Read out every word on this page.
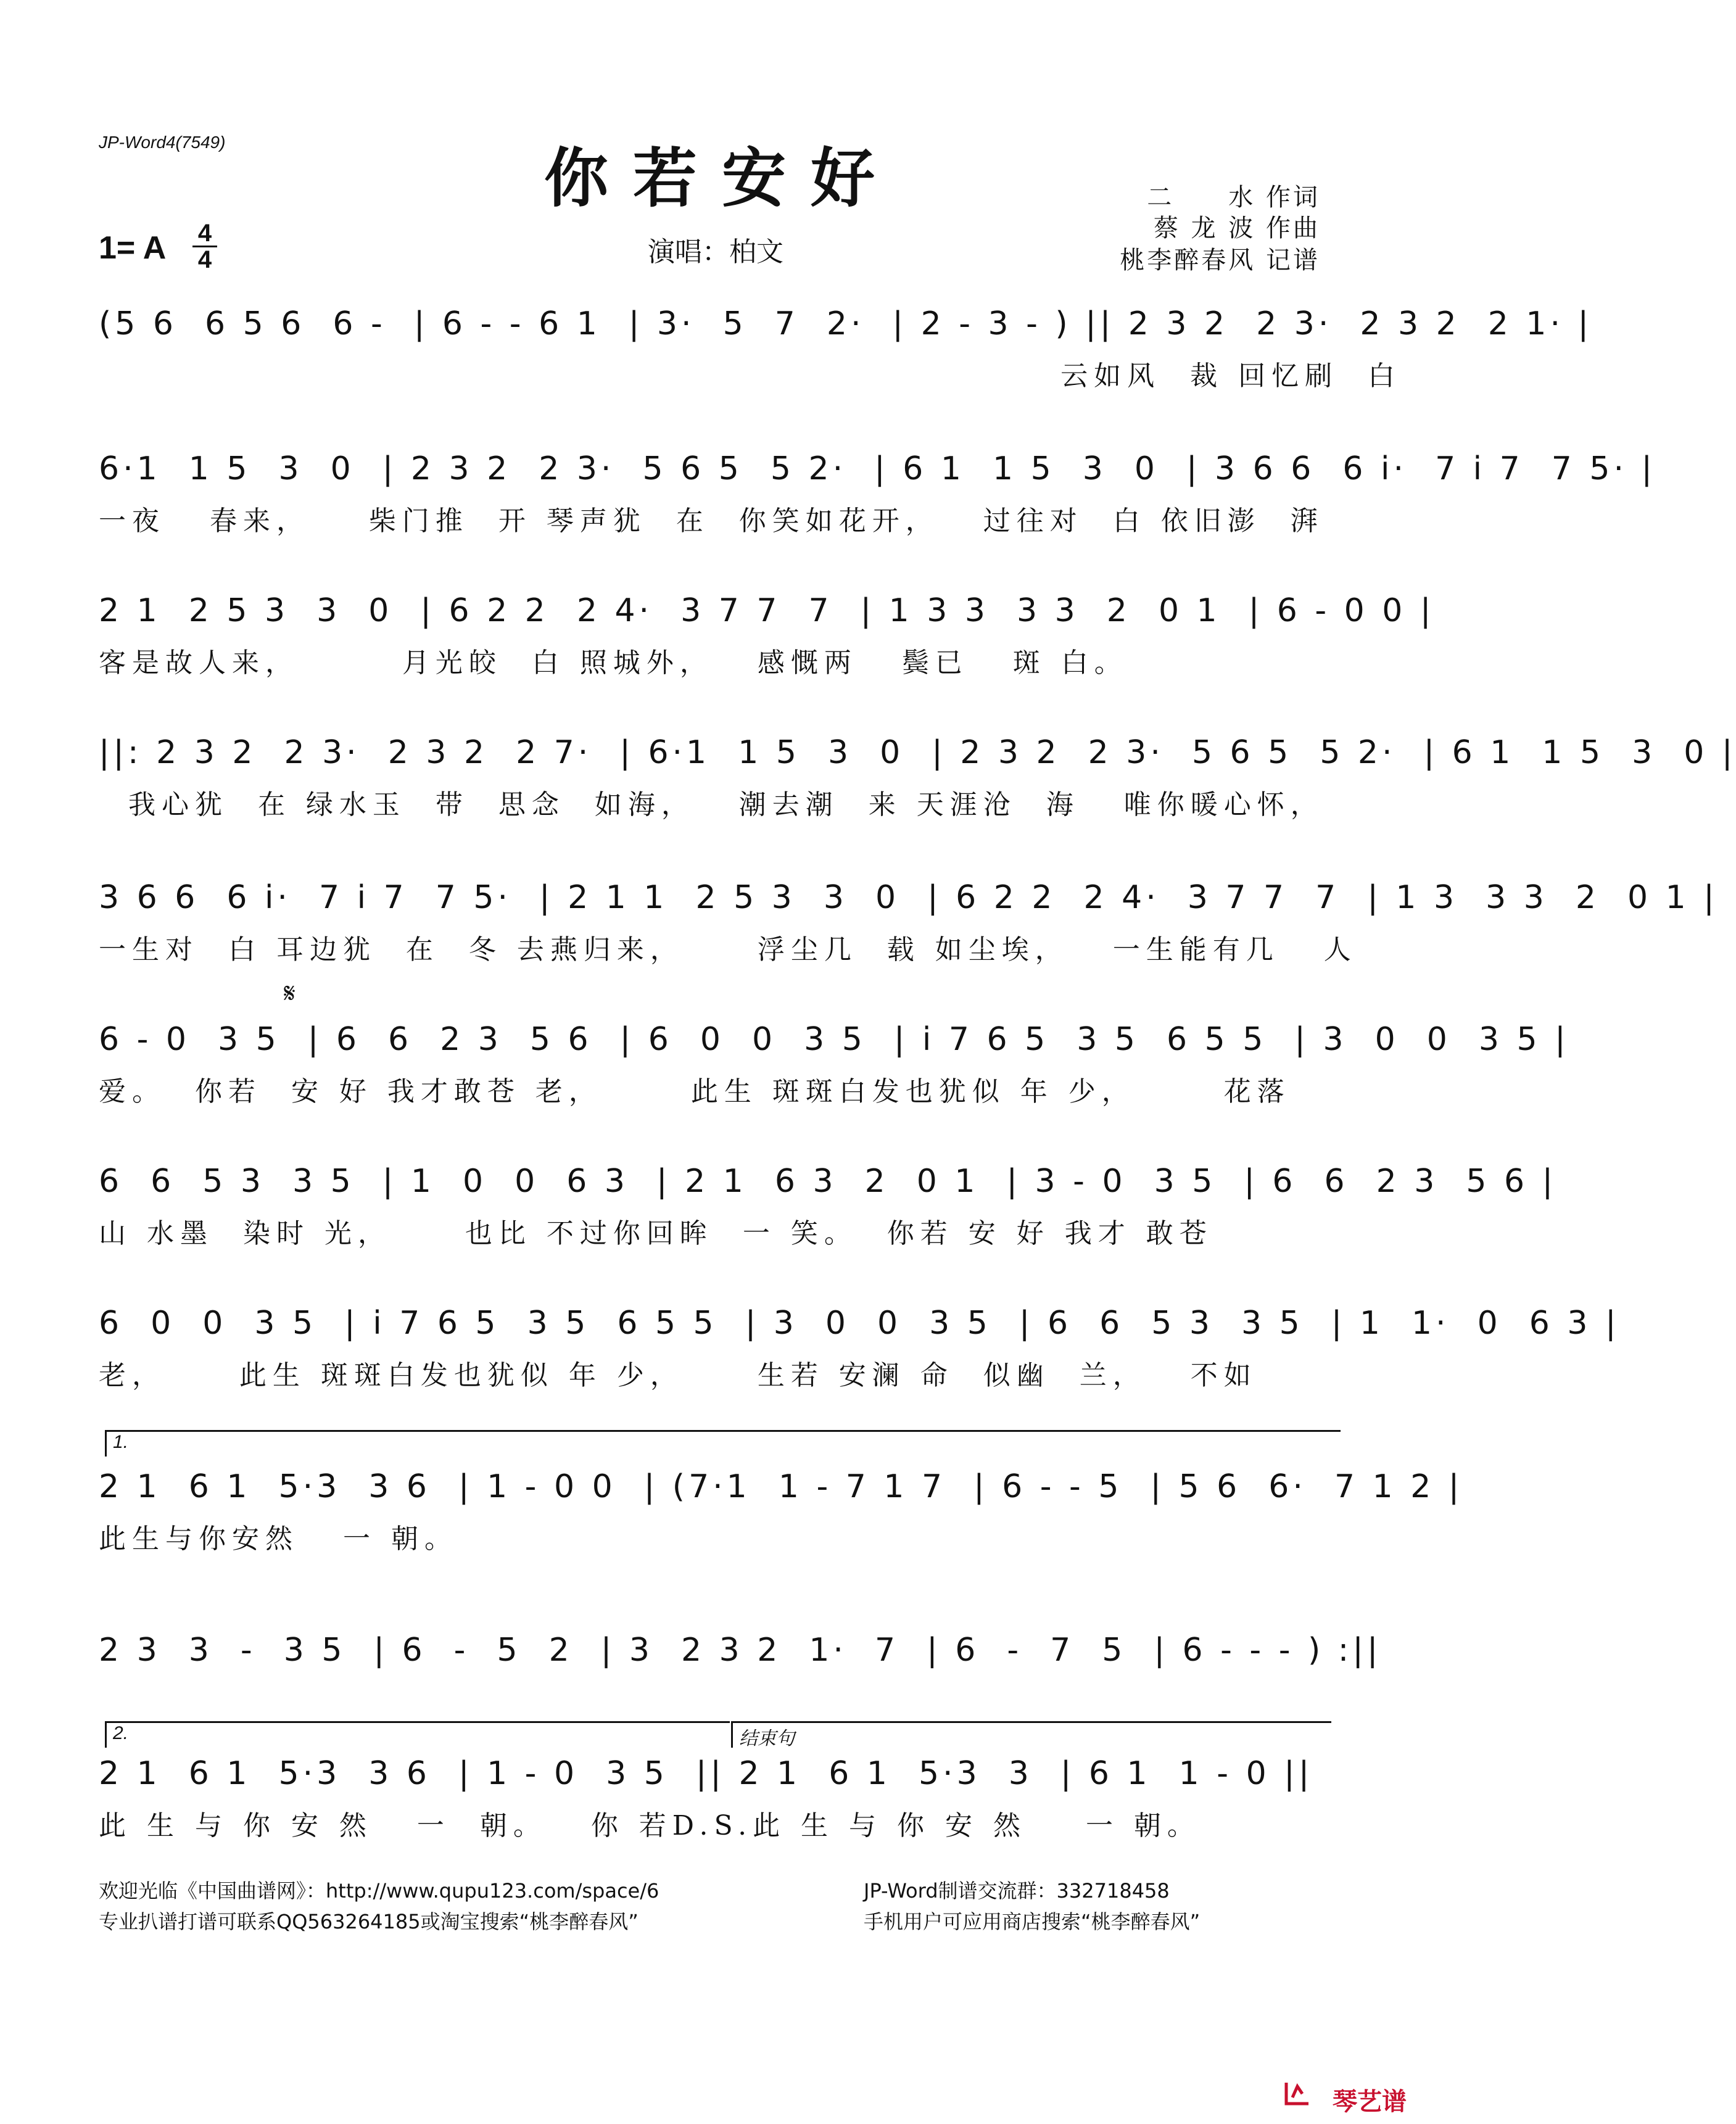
JP-Word4(7549)	你若安好
1= A 4
4	演唱：柏文
二　　水 作词
蔡 龙 波 作曲
桃李醉春风 记谱
(5 6  6 5 6  6 -  | 6 - - 6 1  | 3·  5  7  2·  | 2 - 3 - ) || 2 3 2  2 3·  2 3 2  2 1· |
云如风  裁 回忆刷  白
6·1  1 5  3  0  | 2 3 2  2 3·  5 6 5  5 2·  | 6 1  1 5  3  0  | 3 6 6  6 i·  7 i 7  7 5· |
一夜   春来，    柴门推  开 琴声犹  在  你笑如花开，   过往对  白 依旧澎  湃
2 1  2 5 3  3  0  | 6 2 2  2 4·  3 7 7  7  | 1 3 3  3 3  2  0 1  | 6 - 0 0 |
客是故人来，       月光皎  白 照城外，   感慨两   鬓已   斑 白。
||: 2 3 2  2 3·  2 3 2  2 7·  | 6·1  1 5  3  0  | 2 3 2  2 3·  5 6 5  5 2·  | 6 1  1 5  3  0 |
我心犹  在 绿水玉  带  思念  如海，   潮去潮  来 天涯沧  海   唯你暖心怀，
3 6 6  6 i·  7 i 7  7 5·  | 2 1 1  2 5 3  3  0  | 6 2 2  2 4·  3 7 7  7  | 1 3  3 3  2  0 1 |
一生对  白 耳边犹  在  冬 去燕归来，     浮尘几  载 如尘埃，   一生能有几   人
𝄋
6 - 0  3 5  | 6  6  2 3  5 6  | 6  0  0  3 5  | i 7 6 5  3 5  6 5 5  | 3  0  0  3 5 |
爱。  你若  安 好 我才敢苍 老，      此生 斑斑白发也犹似 年 少，      花落
6  6  5 3  3 5  | 1  0  0  6 3  | 2 1  6 3  2  0 1  | 3 - 0  3 5  | 6  6  2 3  5 6 |
山 水墨  染时 光，     也比 不过你回眸  一 笑。  你若 安 好 我才 敢苍
6  0  0  3 5  | i 7 6 5  3 5  6 5 5  | 3  0  0  3 5  | 6  6  5 3  3 5  | 1  1·  0  6 3 |
老，     此生 斑斑白发也犹似 年 少，     生若 安澜 命  似幽  兰，   不如
1.
2 1  6 1  5·3  3 6  | 1 - 0 0  | (7·1  1 - 7 1 7  | 6 - - 5  | 5 6  6·  7 1 2 |
此生与你安然   一 朝。
2 3  3  -  3 5  | 6  -  5  2  | 3  2 3 2  1·  7  | 6  -  7  5  | 6 - - - ) :||
2.	结束句
2 1  6 1  5·3  3 6  | 1 - 0  3 5  || 2 1  6 1  5·3  3  | 6 1  1 - 0 ||
此 生 与 你 安 然   一  朝。   你 若D.S.此 生 与 你 安 然    一 朝。
欢迎光临《中国曲谱网》：http://www.qupu123.com/space/6
专业扒谱打谱可联系QQ563264185或淘宝搜索“桃李醉春风”
JP-Word制谱交流群：332718458
手机用户可应用商店搜索“桃李醉春风”
琴艺谱
